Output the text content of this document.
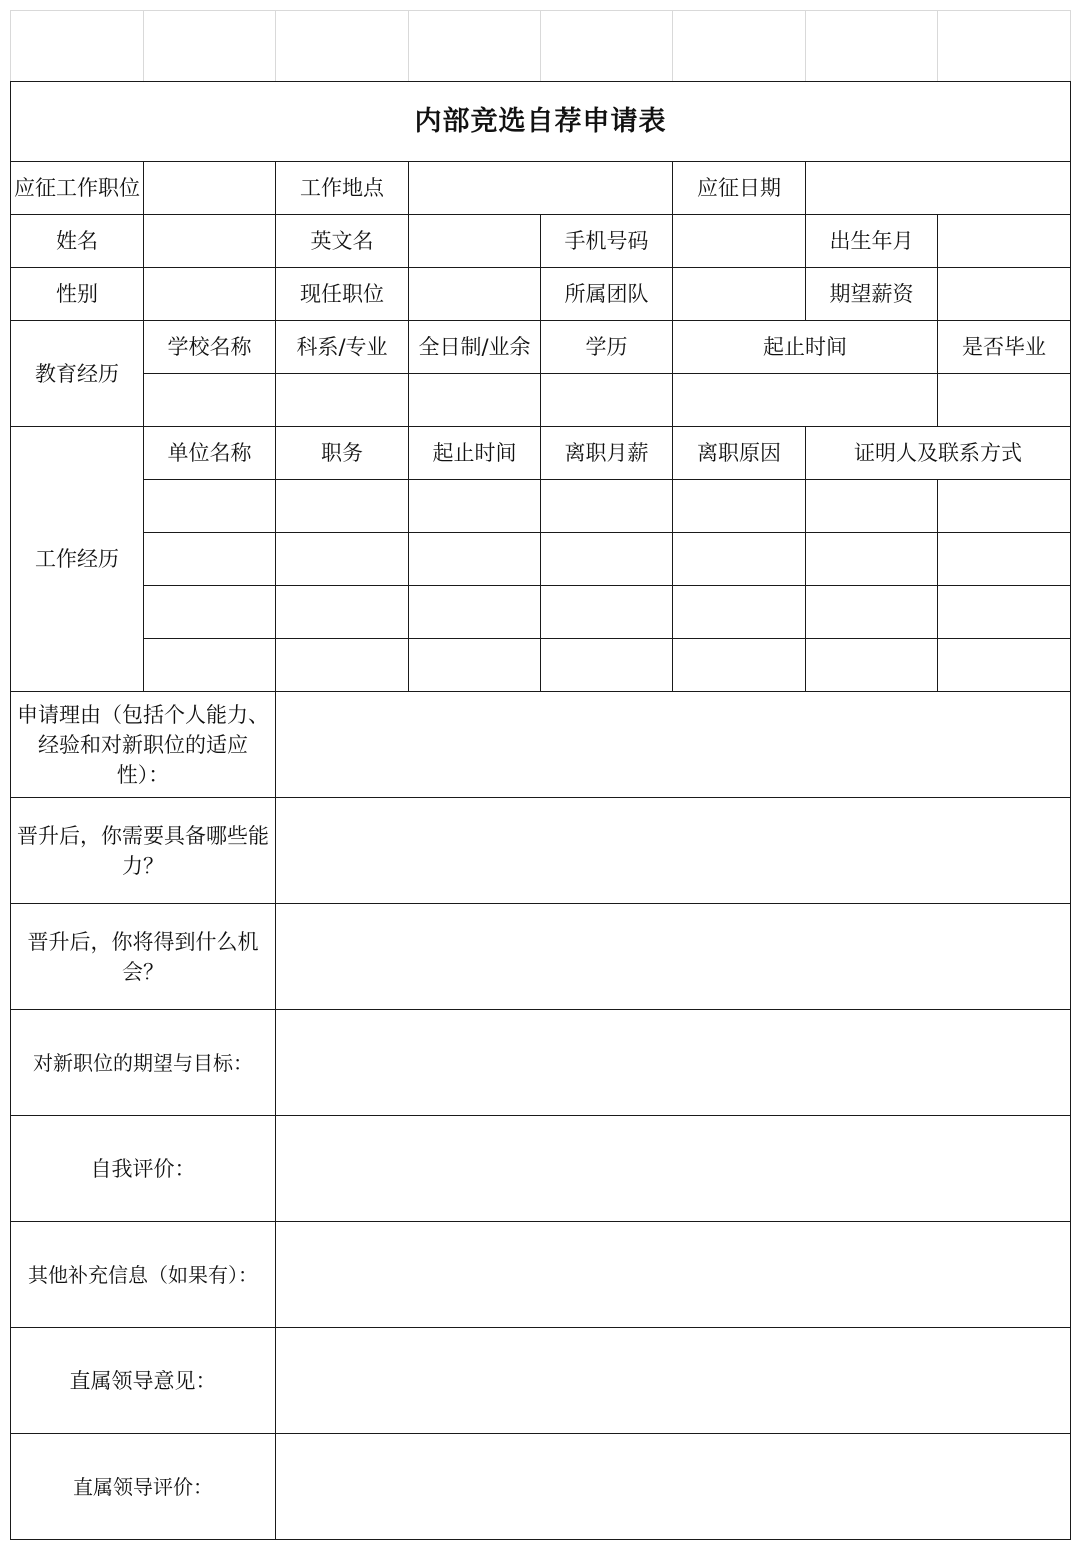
内部竞选自荐申请表							
应征工作职位		工作地点			应征日期		
姓名		英文名		手机号码		出生年月	
性别		现任职位		所属团队		期望薪资	
教育经历	学校名称	科系/专业	全日制/业余	学历	起止时间		是否毕业

工作经历	单位名称	职务	起止时间	离职月薪	离职原因	证明人及联系方式	

申请理由（包括个人能力、经验和对新职位的适应性）：							
晋升后，你需要具备哪些能力？							
晋升后，你将得到什么机会？							
对新职位的期望与目标：							
自我评价：							
其他补充信息（如果有）：							
直属领导意见：							
直属领导评价：							
